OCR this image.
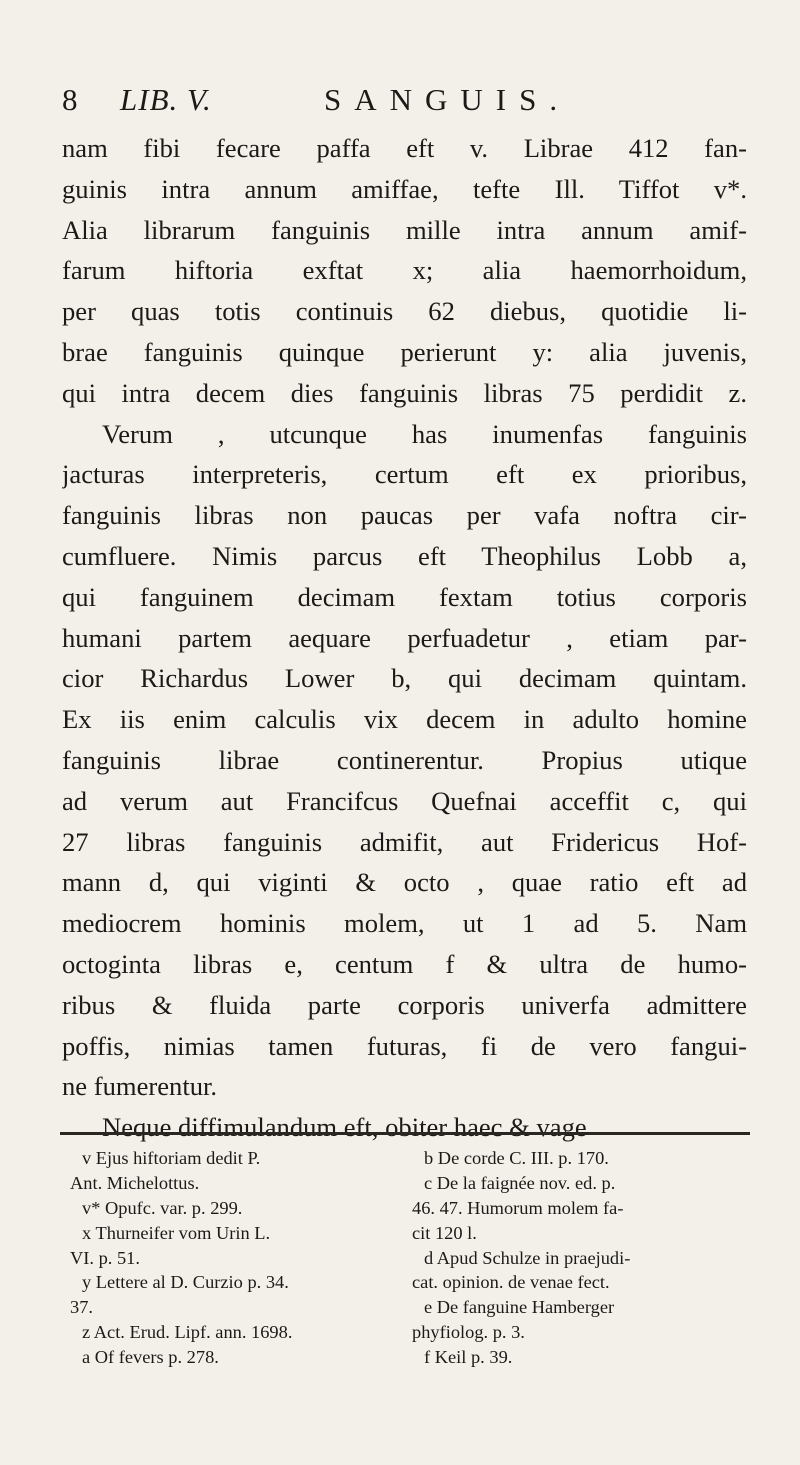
8 LIB. V.	SANGUIS.
nam fibi fecare paffa eft v. Librae 412 fan-
guinis intra annum amiffae, tefte Ill. Tiffot v*.
Alia librarum fanguinis mille intra annum amif-
farum hiftoria exftat x; alia haemorrhoidum,
per quas totis continuis 62 diebus, quotidie li-
brae fanguinis quinque perierunt y: alia juvenis,
qui intra decem dies fanguinis libras 75 perdidit z.
Verum , utcunque has inumenfas fanguinis
jacturas interpreteris, certum eft ex prioribus,
fanguinis libras non paucas per vafa noftra cir-
cumfluere. Nimis parcus eft Theophilus Lobb a,
qui fanguinem decimam fextam totius corporis
humani partem aequare perfuadetur , etiam par-
cior Richardus Lower b, qui decimam quintam.
Ex iis enim calculis vix decem in adulto homine
fanguinis librae continerentur. Propius utique
ad verum aut Francifcus Quefnai acceffit c, qui
27 libras fanguinis admifit, aut Fridericus Hof-
mann d, qui viginti & octo , quae ratio eft ad
mediocrem hominis molem, ut 1 ad 5. Nam
octoginta libras e, centum f & ultra de humo-
ribus & fluida parte corporis univerfa admittere
poffis, nimias tamen futuras, fi de vero fangui-
ne fumerentur.
Neque diffimulandum eft, obiter haec & vage
v Ejus hiftoriam dedit P.
Ant. Michelottus.
v* Opufc. var. p. 299.
x Thurneifer vom Urin L.
VI. p. 51.
y Lettere al D. Curzio p. 34.
37.
z Act. Erud. Lipf. ann. 1698.
a Of fevers p. 278.
b De corde C. III. p. 170.
c De la faignée nov. ed. p.
46. 47. Humorum molem fa-
cit 120 l.
d Apud Schulze in praejudi-
cat. opinion. de venae fect.
e De fanguine Hamberger
phyfiolog. p. 3.
f Keil p. 39.
